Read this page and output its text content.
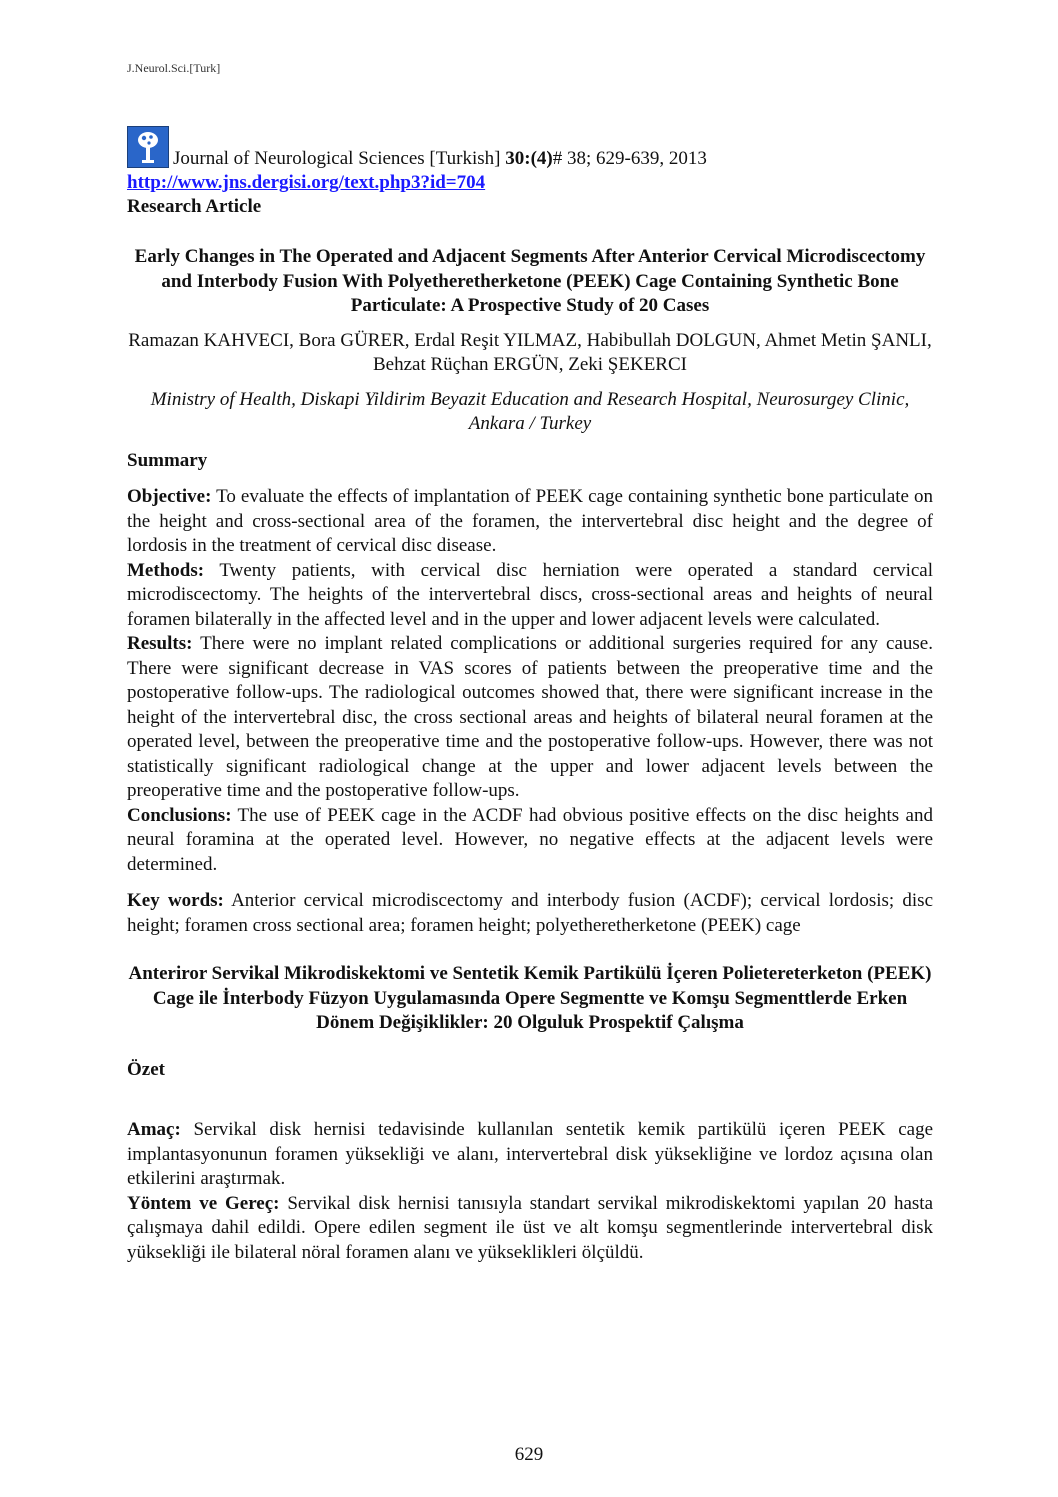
J.Neurol.Sci.[Turk]
Journal of Neurological Sciences [Turkish] 30:(4)# 38; 629-639, 2013
http://www.jns.dergisi.org/text.php3?id=704
Research Article
Early Changes in The Operated and Adjacent Segments After Anterior Cervical Microdiscectomy and Interbody Fusion With Polyetheretherketone (PEEK) Cage Containing Synthetic Bone Particulate: A Prospective Study of 20 Cases
Ramazan KAHVECI, Bora GÜRER, Erdal Reşit YILMAZ, Habibullah DOLGUN, Ahmet Metin ŞANLI, Behzat Rüçhan ERGÜN, Zeki ŞEKERCI
Ministry of Health, Diskapi Yildirim Beyazit Education and Research Hospital, Neurosurgey Clinic, Ankara / Turkey
Summary

Objective: To evaluate the effects of implantation of PEEK cage containing synthetic bone particulate on the height and cross-sectional area of the foramen, the intervertebral disc height and the degree of lordosis in the treatment of cervical disc disease.

Methods: Twenty patients, with cervical disc herniation were operated a standard cervical microdiscectomy. The heights of the intervertebral discs, cross-sectional areas and heights of neural foramen bilaterally in the affected level and in the upper and lower adjacent levels were calculated.

Results: There were no implant related complications or additional surgeries required for any cause. There were significant decrease in VAS scores of patients between the preoperative time and the postoperative follow-ups. The radiological outcomes showed that, there were significant increase in the height of the intervertebral disc, the cross sectional areas and heights of bilateral neural foramen at the operated level, between the preoperative time and the postoperative follow-ups. However, there was not statistically significant radiological change at the upper and lower adjacent levels between the preoperative time and the postoperative follow-ups.

Conclusions: The use of PEEK cage in the ACDF had obvious positive effects on the disc heights and neural foramina at the operated level. However, no negative effects at the adjacent levels were determined.

Key words: Anterior cervical microdiscectomy and interbody fusion (ACDF); cervical lordosis; disc height; foramen cross sectional area; foramen height; polyetheretherketone (PEEK) cage

Anteriror Servikal Mikrodiskektomi ve Sentetik Kemik Partikülü İçeren Polietereterketon (PEEK) Cage ile İnterbody Füzyon Uygulamasında Opere Segmentte ve Komşu Segmenttlerde Erken Dönem Değişiklikler: 20 Olguluk Prospektif Çalışma
Özet

Amaç: Servikal disk hernisi tedavisinde kullanılan sentetik kemik partikülü içeren PEEK cage implantasyonunun foramen yüksekliği ve alanı, intervertebral disk yüksekliğine ve lordoz açısına olan etkilerini araştırmak.

Yöntem ve Gereç: Servikal disk hernisi tanısıyla standart servikal mikrodiskektomi yapılan 20 hasta çalışmaya dahil edildi. Opere edilen segment ile üst ve alt komşu segmentlerinde intervertebral disk yüksekliği ile bilateral nöral foramen alanı ve yükseklikleri ölçüldü.

629
